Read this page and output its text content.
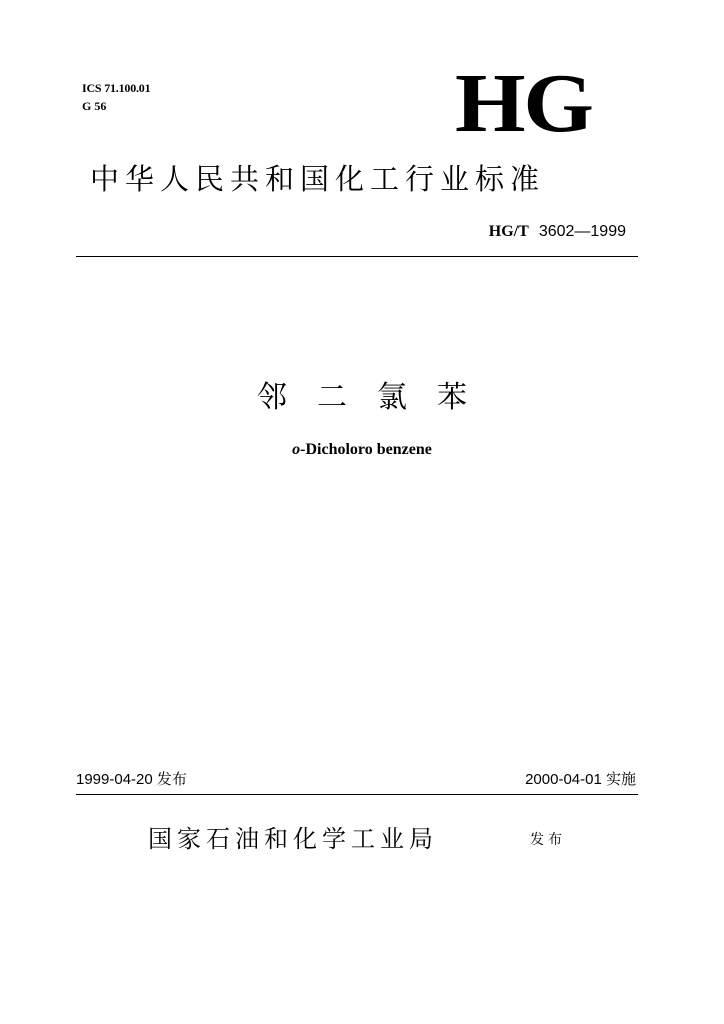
ICS 71.100.01
G 56	HG
中华人民共和国化工行业标准
HG/T 3602—1999
邻二氯苯
o-Dicholoro benzene
1999-04-20 发布	2000-04-01 实施
国家石油和化学工业局	发布
